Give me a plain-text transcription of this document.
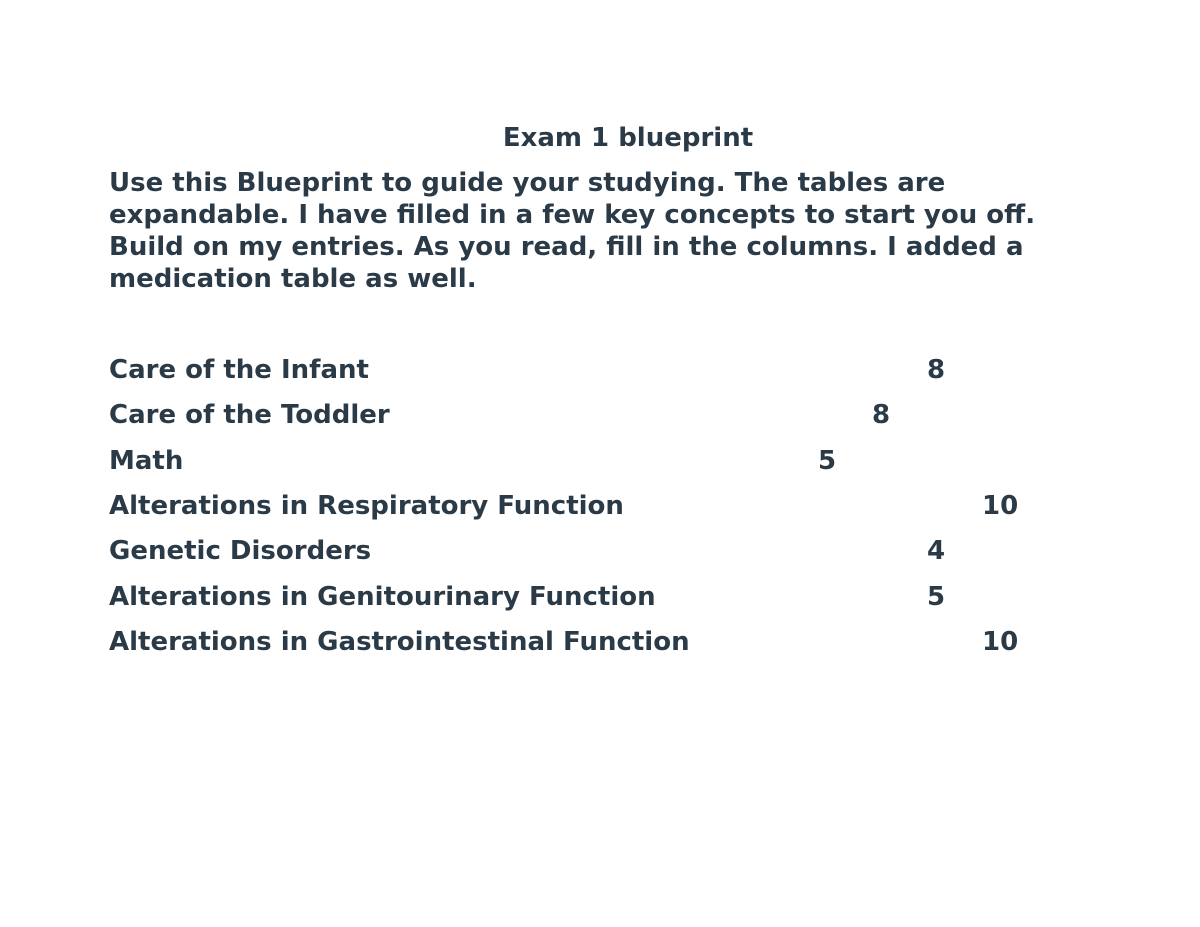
Exam 1 blueprint
Use this Blueprint to guide your studying. The tables are
expandable. I have filled in a few key concepts to start you off.
Build on my entries. As you read, fill in the columns. I added a
medication table as well.
Care of the Infant	8
Care of the Toddler	8
Math	5
Alterations in Respiratory Function	10
Genetic Disorders	4
Alterations in Genitourinary Function	5
Alterations in Gastrointestinal Function	10
